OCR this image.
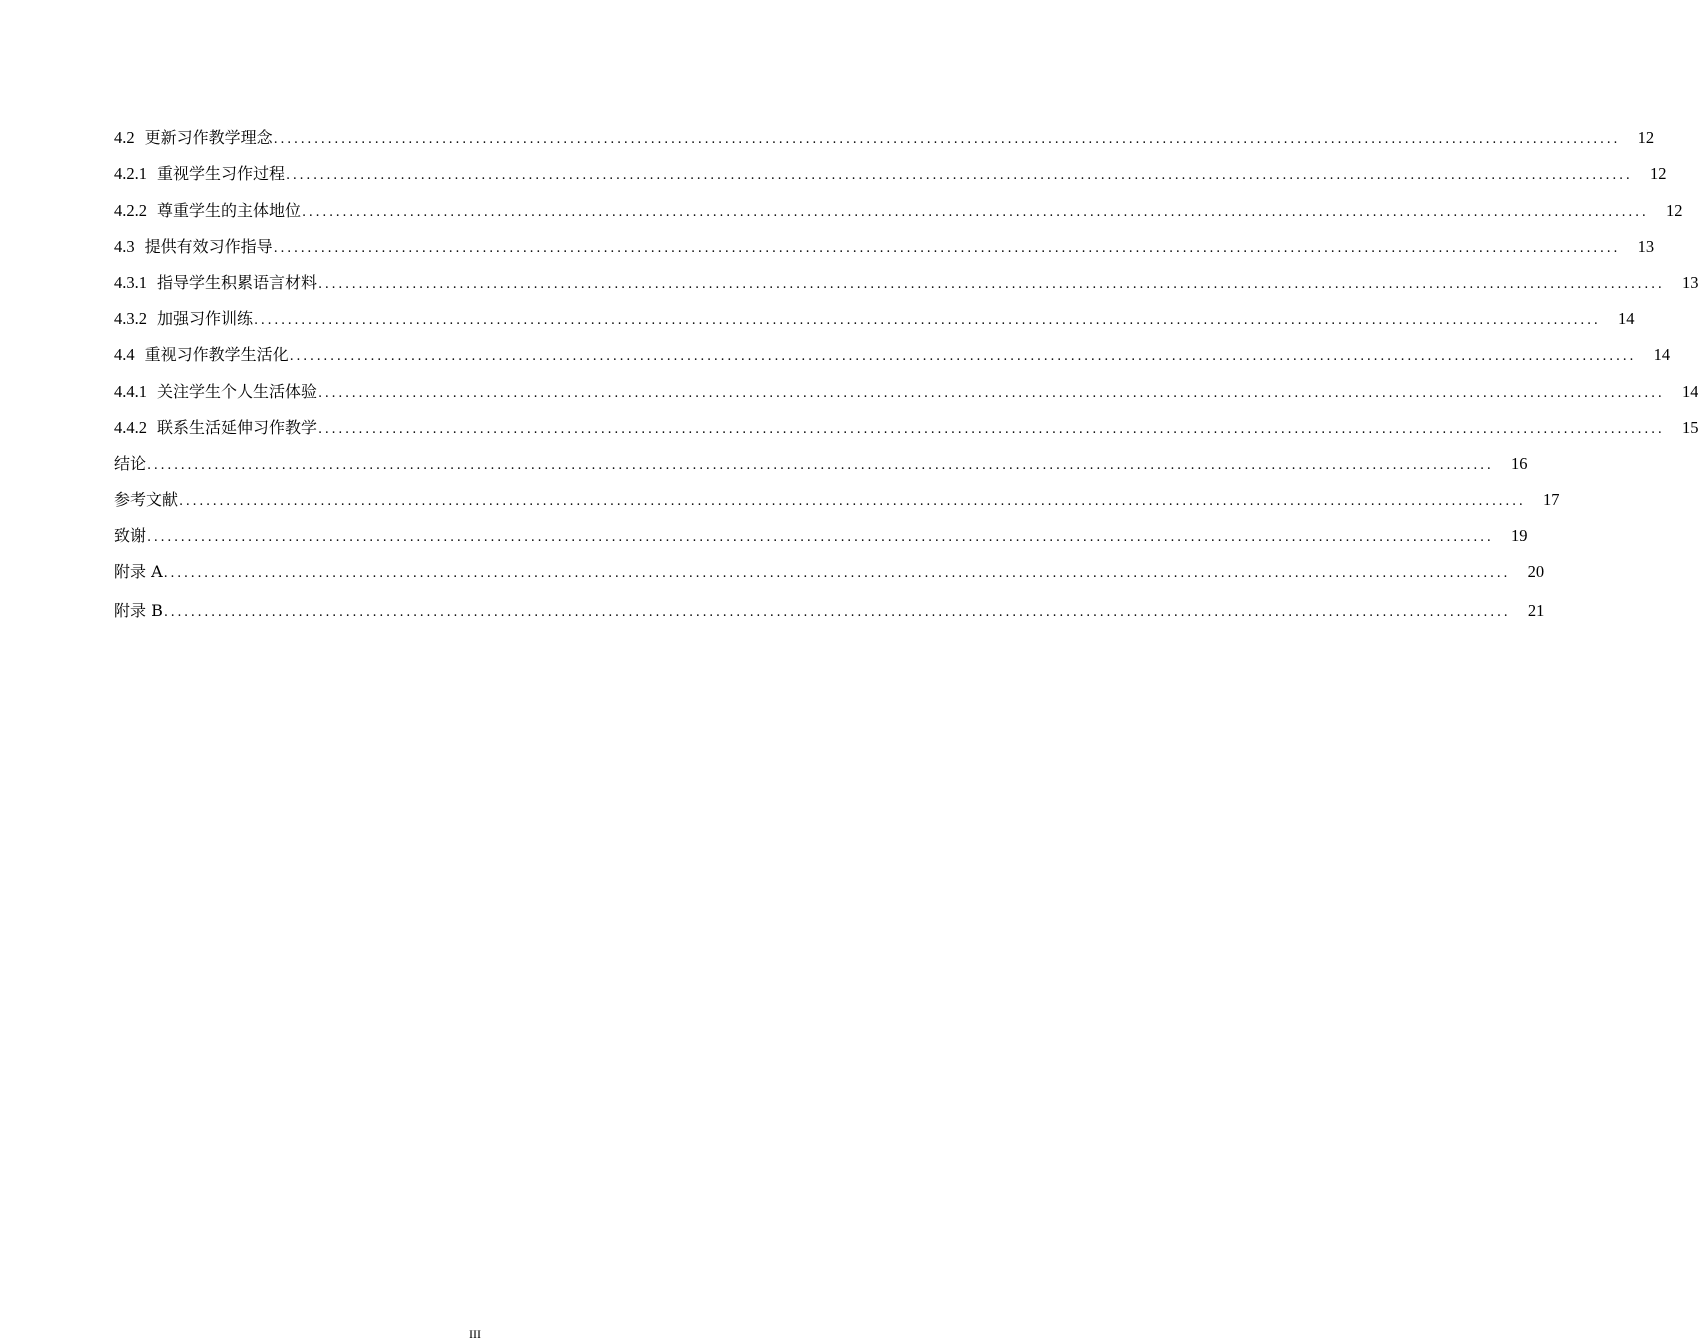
4.2 更新习作教学理念 ........................................................................................................................................................................................................ 12
4.2.1 重视学生习作过程 ........................................................................................................................................................................................................ 12
4.2.2 尊重学生的主体地位 ........................................................................................................................................................................................................ 12
4.3 提供有效习作指导 ........................................................................................................................................................................................................ 13
4.3.1 指导学生积累语言材料 ........................................................................................................................................................................................................ 13
4.3.2 加强习作训练 ........................................................................................................................................................................................................ 14
4.4 重视习作教学生活化 ........................................................................................................................................................................................................ 14
4.4.1 关注学生个人生活体验 ........................................................................................................................................................................................................ 14
4.4.2 联系生活延伸习作教学 ........................................................................................................................................................................................................ 15
结论 ........................................................................................................................................................................................................ 16
参考文献 ........................................................................................................................................................................................................ 17
致谢 ........................................................................................................................................................................................................ 19
附录 A ........................................................................................................................................................................................................ 20
附录 B ........................................................................................................................................................................................................ 21
III
